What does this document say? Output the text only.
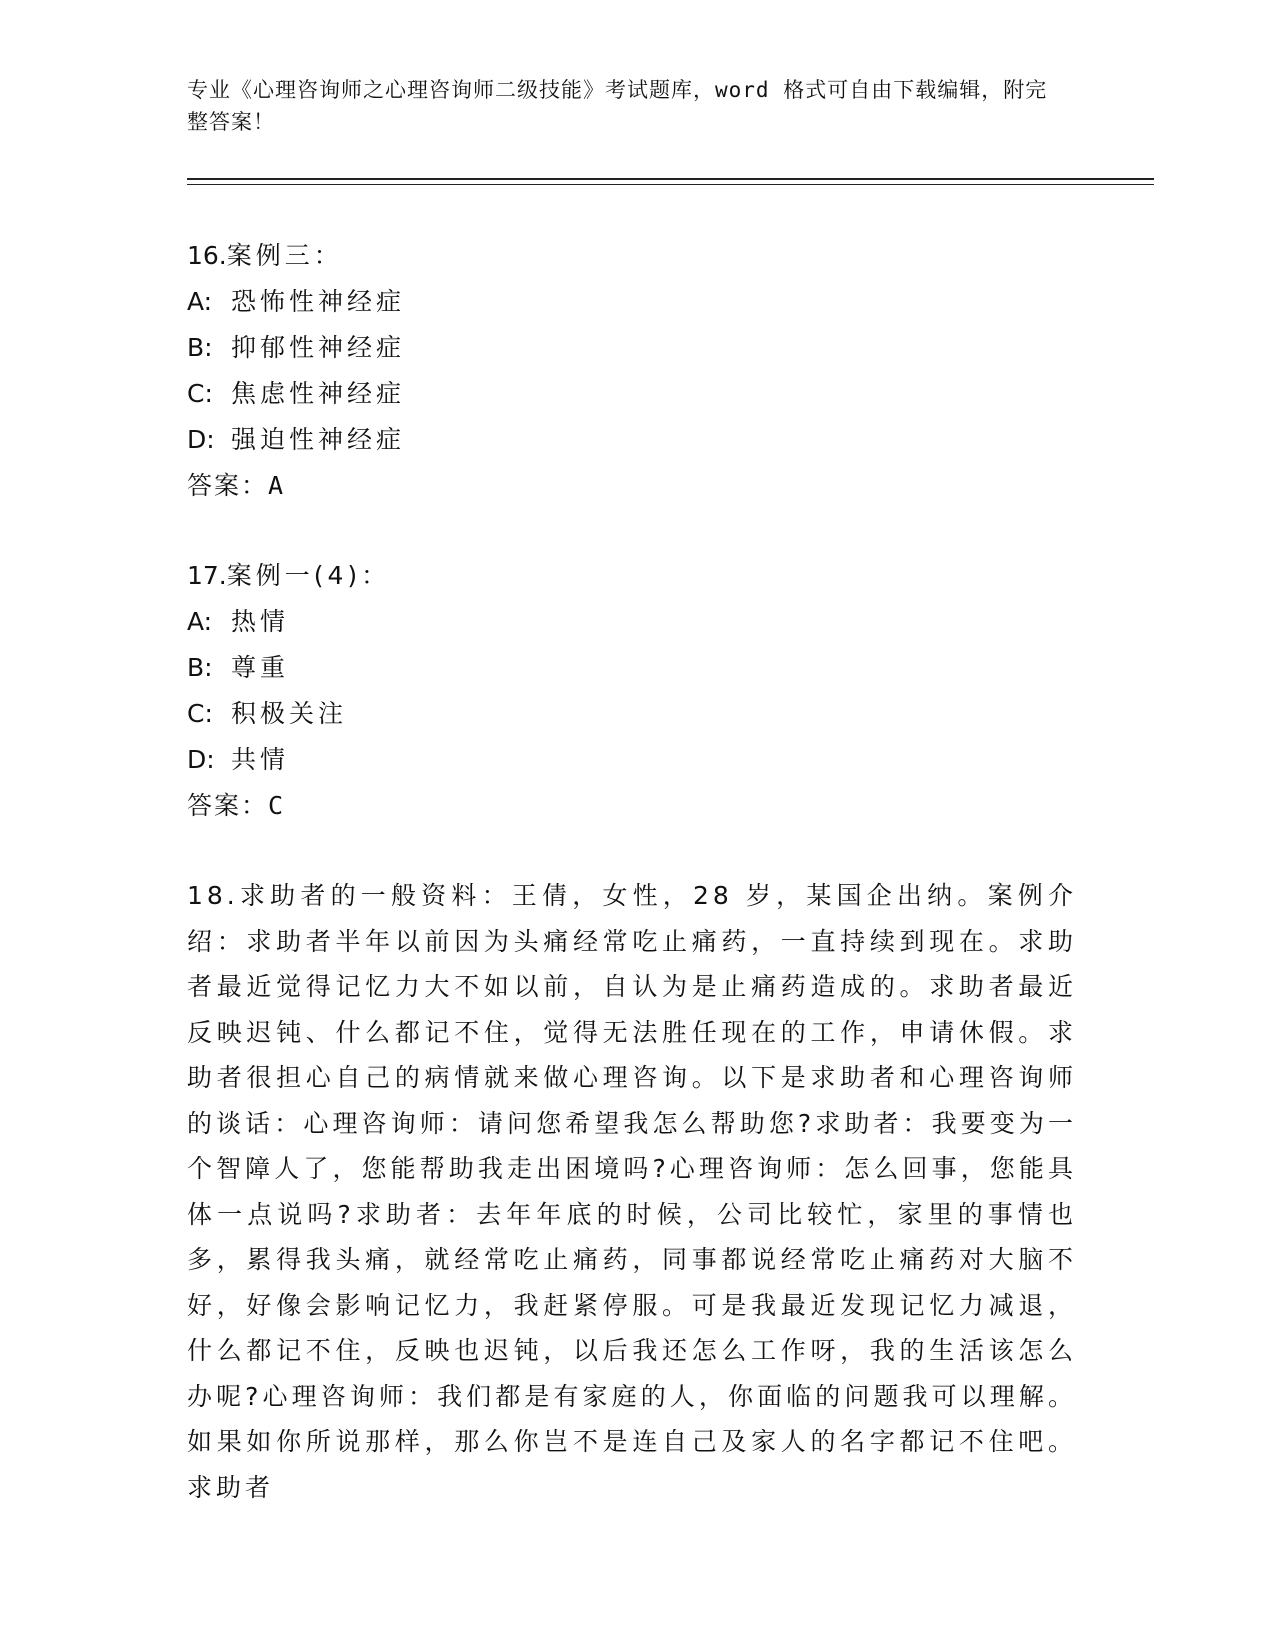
专业《心理咨询师之心理咨询师二级技能》考试题库，word 格式可自由下载编辑，附完整答案！
16.案例三：
A: 恐怖性神经症
B: 抑郁性神经症
C: 焦虑性神经症
D: 强迫性神经症
答案：A
17.案例一(4)：
A: 热情
B: 尊重
C: 积极关注
D: 共情
答案：C

18.求助者的一般资料：王倩，女性，28 岁，某国企出纳。案例介绍：求助者半年以前因为头痛经常吃止痛药，一直持续到现在。求助者最近觉得记忆力大不如以前，自认为是止痛药造成的。求助者最近反映迟钝、什么都记不住，觉得无法胜任现在的工作，申请休假。求助者很担心自己的病情就来做心理咨询。以下是求助者和心理咨询师的谈话：心理咨询师：请问您希望我怎么帮助您?求助者：我要变为一个智障人了，您能帮助我走出困境吗?心理咨询师：怎么回事，您能具体一点说吗?求助者：去年年底的时候，公司比较忙，家里的事情也多，累得我头痛，就经常吃止痛药，同事都说经常吃止痛药对大脑不好，好像会影响记忆力，我赶紧停服。可是我最近发现记忆力减退，什么都记不住，反映也迟钝，以后我还怎么工作呀，我的生活该怎么办呢?心理咨询师：我们都是有家庭的人，你面临的问题我可以理解。如果如你所说那样，那么你岂不是连自己及家人的名字都记不住吧。求助者
